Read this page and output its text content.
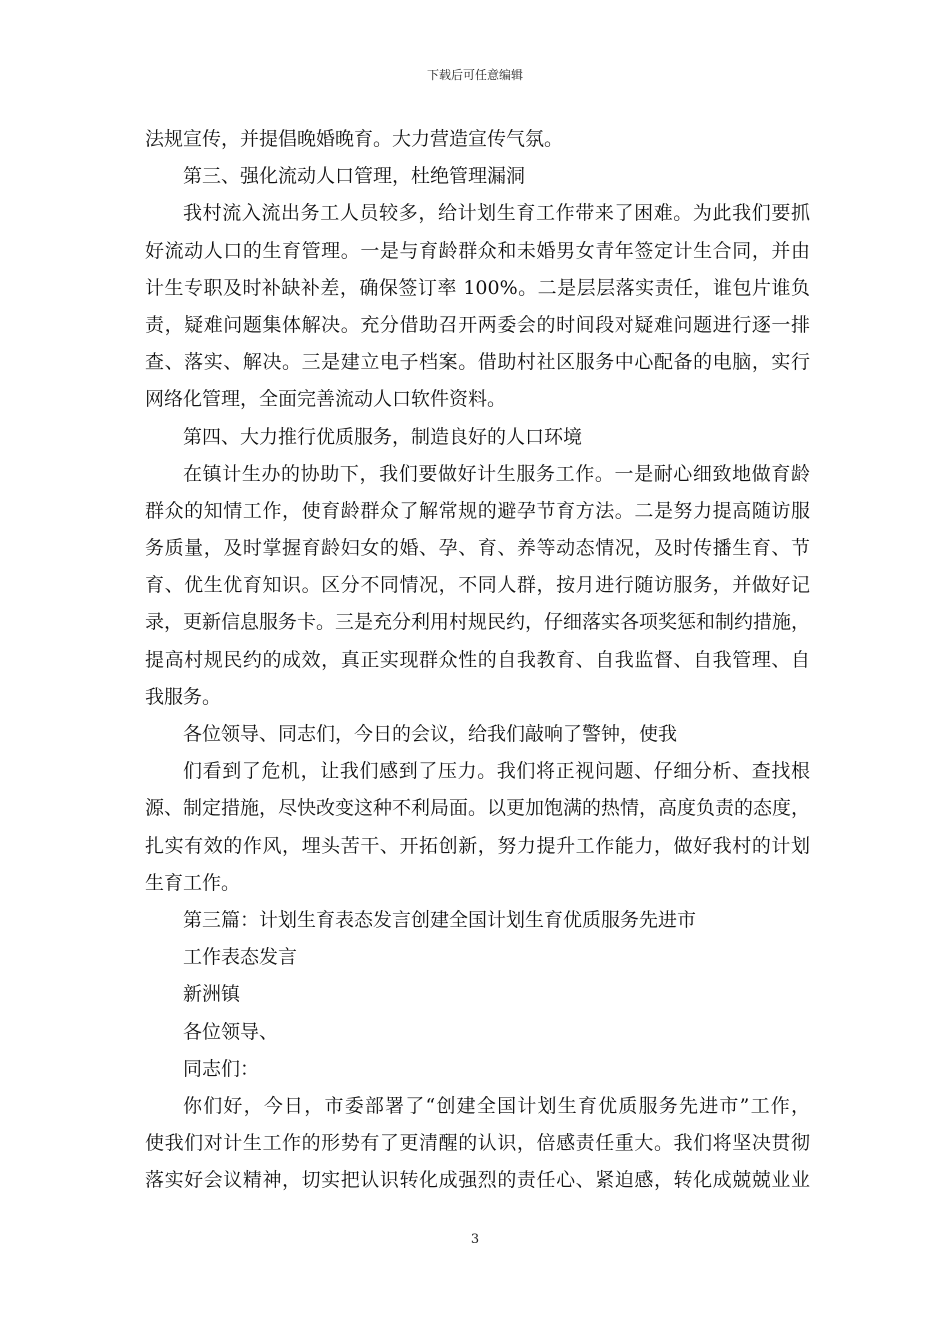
下载后可任意编辑
法规宣传，并提倡晚婚晚育。大力营造宣传气氛。
第三、强化流动人口管理，杜绝管理漏洞
我村流入流出务工人员较多，给计划生育工作带来了困难。为此我们要抓
好流动人口的生育管理。一是与育龄群众和未婚男女青年签定计生合同，并由
计生专职及时补缺补差，确保签订率 100%。二是层层落实责任，谁包片谁负
责，疑难问题集体解决。充分借助召开两委会的时间段对疑难问题进行逐一排
查、落实、解决。三是建立电子档案。借助村社区服务中心配备的电脑，实行
网络化管理，全面完善流动人口软件资料。
第四、大力推行优质服务，制造良好的人口环境
在镇计生办的协助下，我们要做好计生服务工作。一是耐心细致地做育龄
群众的知情工作，使育龄群众了解常规的避孕节育方法。二是努力提高随访服
务质量，及时掌握育龄妇女的婚、孕、育、养等动态情况，及时传播生育、节
育、优生优育知识。区分不同情况，不同人群，按月进行随访服务，并做好记
录，更新信息服务卡。三是充分利用村规民约，仔细落实各项奖惩和制约措施，
提高村规民约的成效，真正实现群众性的自我教育、自我监督、自我管理、自
我服务。
各位领导、同志们，今日的会议，给我们敲响了警钟，使我
们看到了危机，让我们感到了压力。我们将正视问题、仔细分析、查找根
源、制定措施，尽快改变这种不利局面。以更加饱满的热情，高度负责的态度，
扎实有效的作风，埋头苦干、开拓创新，努力提升工作能力，做好我村的计划
生育工作。
第三篇：计划生育表态发言创建全国计划生育优质服务先进市
工作表态发言
新洲镇
各位领导、
同志们：
你们好，今日，市委部署了“创建全国计划生育优质服务先进市”工作，
使我们对计生工作的形势有了更清醒的认识，倍感责任重大。我们将坚决贯彻
落实好会议精神，切实把认识转化成强烈的责任心、紧迫感，转化成兢兢业业
3
